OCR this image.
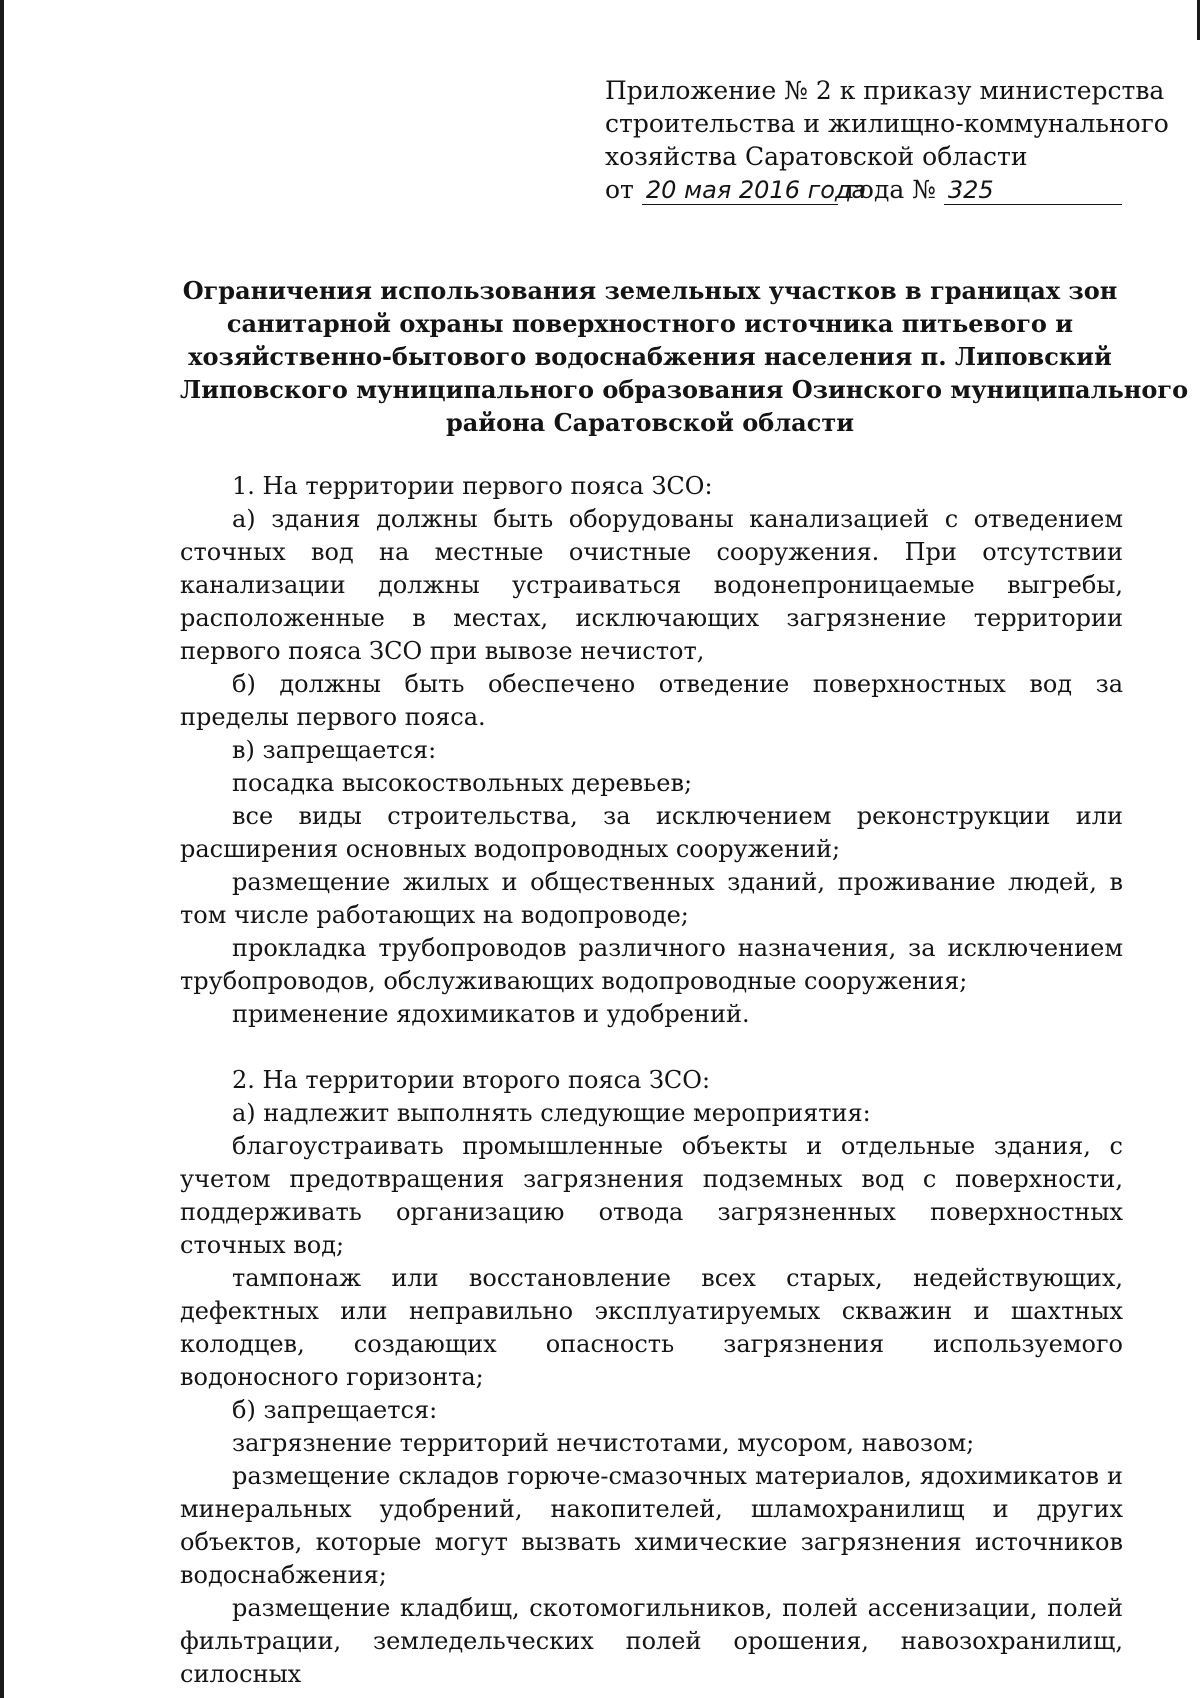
Приложение № 2 к приказу министерства
строительства и жилищно-коммунального
хозяйства Саратовской области
от 20 мая 2016 года года № 325
Ограничения использования земельных участков в границах зон
санитарной охраны поверхностного источника питьевого и
хозяйственно-бытового водоснабжения населения п. Липовский
Липовского муниципального образования Озинского муниципального
района Саратовской области

1. На территории первого пояса ЗСО:

а) здания должны быть оборудованы канализацией с отведением сточных вод на местные очистные сооружения. При отсутствии канализации должны устраиваться водонепроницаемые выгребы, расположенные в местах, исключающих загрязнение территории первого пояса ЗСО при вывозе нечистот,

б) должны быть обеспечено отведение поверхностных вод за пределы первого пояса.

в) запрещается:

посадка высокоствольных деревьев;

все виды строительства, за исключением реконструкции или расширения основных водопроводных сооружений;

размещение жилых и общественных зданий, проживание людей, в том числе работающих на водопроводе;

прокладка трубопроводов различного назначения, за исключением трубопроводов, обслуживающих водопроводные сооружения;

применение ядохимикатов и удобрений.

2. На территории второго пояса ЗСО:

а) надлежит выполнять следующие мероприятия:

благоустраивать промышленные объекты и отдельные здания, с учетом предотвращения загрязнения подземных вод с поверхности, поддерживать организацию отвода загрязненных поверхностных сточных вод;

тампонаж или восстановление всех старых, недействующих, дефектных или неправильно эксплуатируемых скважин и шахтных колодцев, создающих опасность загрязнения используемого водоносного горизонта;

б) запрещается:

загрязнение территорий нечистотами, мусором, навозом;

размещение складов горюче-смазочных материалов, ядохимикатов и минеральных удобрений, накопителей, шламохранилищ и других объектов, которые могут вызвать химические загрязнения источников водоснабжения;

размещение кладбищ, скотомогильников, полей ассенизации, полей фильтрации, земледельческих полей орошения, навозохранилищ, силосных
